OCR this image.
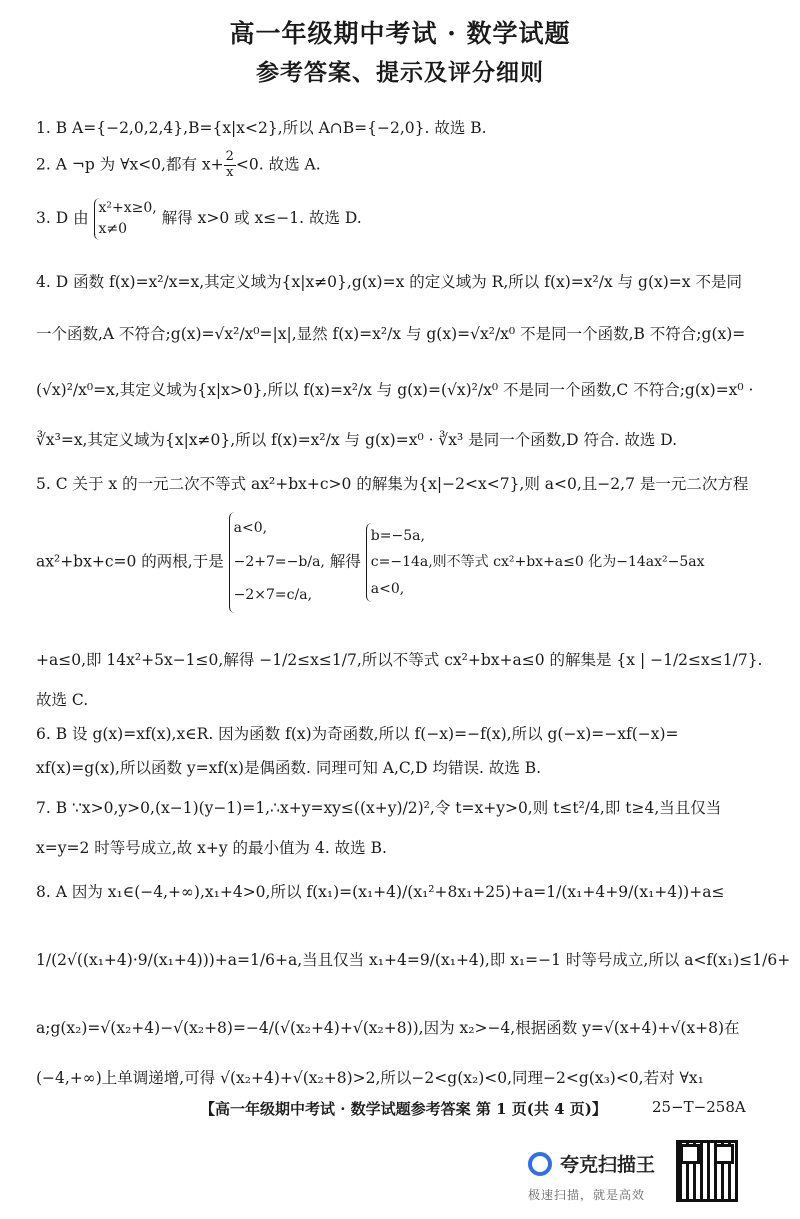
高一年级期中考试 · 数学试题
参考答案、提示及评分细则
1. B A={−2,0,2,4},B={x|x<2},所以 A∩B={−2,0}. 故选 B.
2. A ¬p 为 ∀x<0,都有 $x+ \frac{2}{x} <0$. 故选 A.
3. D 由
x²+x≥0,
x≠0
解得 x>0 或 x≤−1. 故选 D.
4. D 函数 f(x)=x²/x=x,其定义域为{x|x≠0},g(x)=x 的定义域为 R,所以 f(x)=x²/x 与 g(x)=x 不是同
一个函数,A 不符合;g(x)=√x²/x⁰=|x|,显然 f(x)=x²/x 与 g(x)=√x²/x⁰ 不是同一个函数,B 不符合;g(x)=
(√x)²/x⁰=x,其定义域为{x|x>0},所以 f(x)=x²/x 与 g(x)=(√x)²/x⁰ 不是同一个函数,C 不符合;g(x)=x⁰ ·
∛x³=x,其定义域为{x|x≠0},所以 f(x)=x²/x 与 g(x)=x⁰ · ∛x³ 是同一个函数,D 符合. 故选 D.
5. C 关于 x 的一元二次不等式 ax²+bx+c>0 的解集为{x|−2<x<7},则 a<0,且−2,7 是一元二次方程
ax²+bx+c=0 的两根,于是
a<0,
−2+7=−b/a,
−2×7=c/a,
解得
b=−5a,
c=−14a,则不等式 cx²+bx+a≤0 化为−14ax²−5ax
a<0,
+a≤0,即 14x²+5x−1≤0,解得 −1/2≤x≤1/7,所以不等式 cx²+bx+a≤0 的解集是 {x | −1/2≤x≤1/7}.
故选 C.
6. B 设 g(x)=xf(x),x∈R. 因为函数 f(x)为奇函数,所以 f(−x)=−f(x),所以 g(−x)=−xf(−x)=
xf(x)=g(x),所以函数 y=xf(x)是偶函数. 同理可知 A,C,D 均错误. 故选 B.
7. B ∵x>0,y>0,(x−1)(y−1)=1,∴x+y=xy≤((x+y)/2)²,令 t=x+y>0,则 t≤t²/4,即 t≥4,当且仅当
x=y=2 时等号成立,故 x+y 的最小值为 4. 故选 B.
8. A 因为 x₁∈(−4,+∞),x₁+4>0,所以 f(x₁)=(x₁+4)/(x₁²+8x₁+25)+a=1/(x₁+4+9/(x₁+4))+a≤
1/(2√((x₁+4)·9/(x₁+4)))+a=1/6+a,当且仅当 x₁+4=9/(x₁+4),即 x₁=−1 时等号成立,所以 a<f(x₁)≤1/6+
a;g(x₂)=√(x₂+4)−√(x₂+8)=−4/(√(x₂+4)+√(x₂+8)),因为 x₂>−4,根据函数 y=√(x+4)+√(x+8)在
(−4,+∞)上单调递增,可得 √(x₂+4)+√(x₂+8)>2,所以−2<g(x₂)<0,同理−2<g(x₃)<0,若对 ∀x₁
【高一年级期中考试 · 数学试题参考答案 第 1 页(共 4 页)】	25−T−258A
夸克扫描王
极速扫描，就是高效
